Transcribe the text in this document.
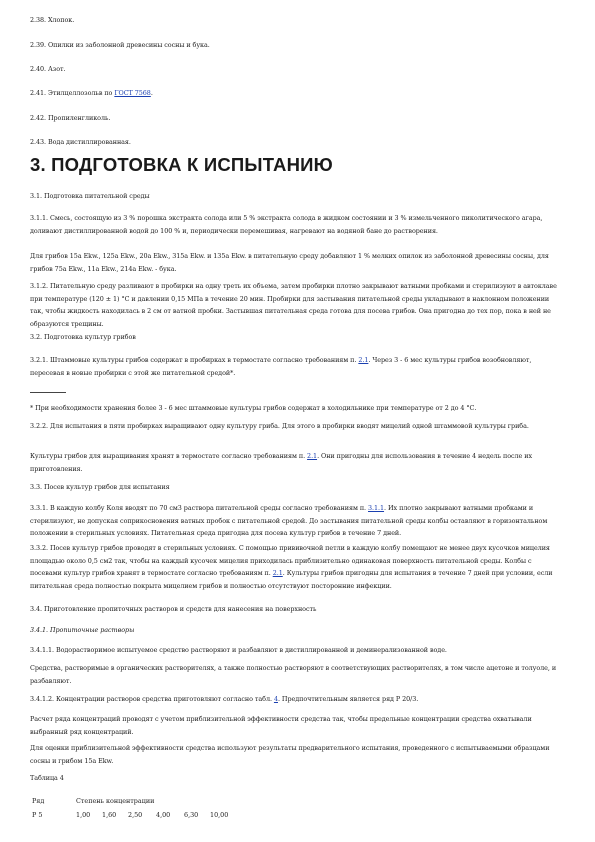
2.38. Хлопок.
2.39. Опилки из заболонной древесины сосны и бука.
2.40. Азот.
2.41. Этилцеллозольв по ГОСТ 7568.
2.42. Пропиленгликоль.
2.43. Вода дистиллированная.
3. ПОДГОТОВКА К ИСПЫТАНИЮ
3.1. Подготовка питательной среды
3.1.1. Смесь, состоящую из 3 % порошка экстракта солода или 5 % экстракта солода в жидком состоянии и 3 % измельченного пиколитического агара, доливают дистиллированной водой до 100 % и, периодически перемешивая, нагревают на водяной бане до растворения.
Для грибов 15а Ekw., 125а Ekw., 20а Ekw., 315а Ekw. и 135а Ekw. в питательную среду добавляют 1 % мелких опилок из заболонной древесины сосны, для грибов 75а Ekw., 11а Ekw., 214а Ekw. - бука.
3.1.2. Питательную среду разливают в пробирки на одну треть их объема, затем пробирки плотно закрывают ватными пробками и стерилизуют в автоклаве при температуре (120 ± 1) °С и давлении 0,15 МПа в течение 20 мин. Пробирки для застывания питательной среды укладывают в наклонном положении так, чтобы жидкость находилась в 2 см от ватной пробки. Застывшая питательная среда готова для посева грибов. Она пригодна до тех пор, пока в ней не образуются трещины.
3.2. Подготовка культур грибов
3.2.1. Штаммовые культуры грибов содержат в пробирках в термостате согласно требованиям п. 2.1. Через 3 - 6 мес культуры грибов возобновляют, пересевая в новые пробирки с этой же питательной средой*.
* При необходимости хранения более 3 - 6 мес штаммовые культуры грибов содержат в холодильнике при температуре от 2 до 4 °С.
3.2.2. Для испытания в пяти пробирках выращивают одну культуру гриба. Для этого в пробирки вводят мицелий одной штаммовой культуры гриба.
Культуры грибов для выращивания хранят в термостате согласно требованиям п. 2.1. Они пригодны для использования в течение 4 недель после их приготовления.
3.3. Посев культур грибов для испытания
3.3.1. В каждую колбу Коля вводят по 70 см3 раствора питательной среды согласно требованиям п. 3.1.1. Их плотно закрывают ватными пробками и стерилизуют, не допуская соприкосновения ватных пробок с питательной средой. До застывания питательной среды колбы оставляют в горизонтальном положении в стерильных условиях. Питательная среда пригодна для посева культур грибов в течение 7 дней.
3.3.2. Посев культур грибов проводят в стерильных условиях. С помощью прививочной петли в каждую колбу помещают не менее двух кусочков мицелия площадью около 0,5 см2 так, чтобы на каждый кусочек мицелия приходилась приблизительно одинаковая поверхность питательной среды. Колбы с посевами культур грибов хранят в термостате согласно требованиям п. 2.1. Культуры грибов пригодны для испытания в течение 7 дней при условии, если питательная среда полностью покрыта мицелием грибов и полностью отсутствуют посторонние инфекции.
3.4. Приготовление пропиточных растворов и средств для нанесения на поверхность
3.4.1. Пропиточные растворы
3.4.1.1. Водорастворимое испытуемое средство растворяют и разбавляют в дистиллированной и деминерализованной воде.
Средства, растворимые в органических растворителях, а также полностью растворяют в соответствующих растворителях, в том числе ацетоне и толуоле, и разбавляют.
3.4.1.2. Концентрации растворов средства приготовляют согласно табл. 4. Предпочтительным является ряд Р 20/3.
Расчет ряда концентраций проводят с учетом приблизительной эффективности средства так, чтобы предельные концентрации средства охватывали выбранный ряд концентраций.
Для оценки приблизительной эффективности средства используют результаты предварительного испытания, проведенного с испытываемыми образцами сосны и грибом 15а Ekw.
Таблица 4
Ряд	Степень концентрации
Р 5	1,00 1,60 2,50 4,00 6,30 10,00
